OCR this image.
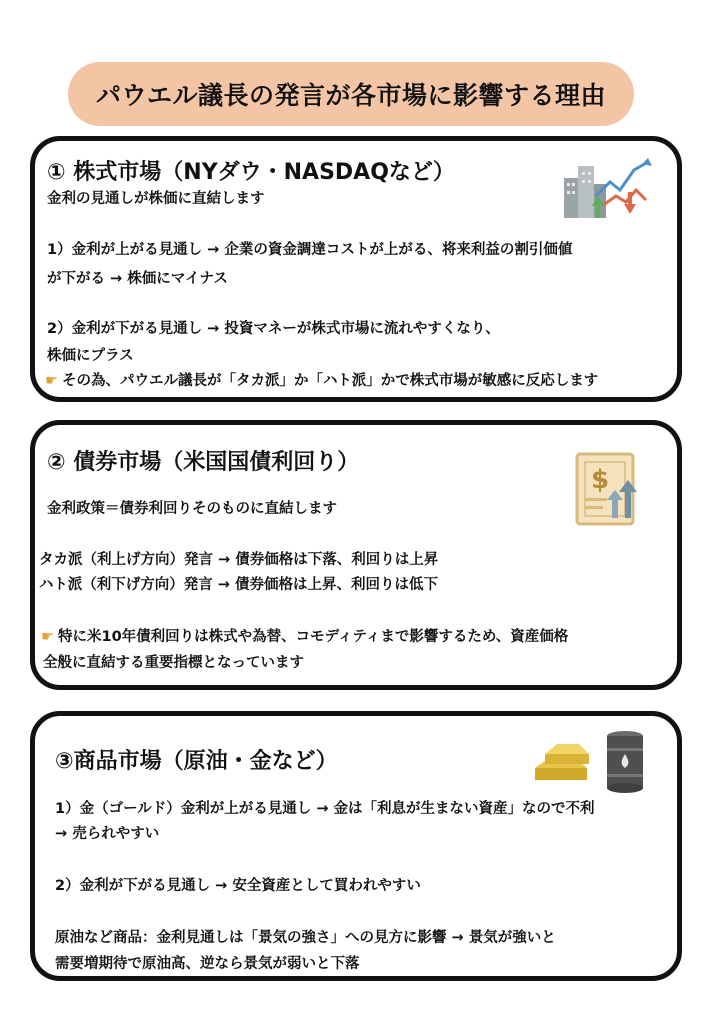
パウエル議長の発言が各市場に影響する理由
① 株式市場（NYダウ・NASDAQなど）
金利の見通しが株価に直結します
1）金利が上がる見通し → 企業の資金調達コストが上がる、将来利益の割引価値
が下がる → 株価にマイナス
2）金利が下がる見通し → 投資マネーが株式市場に流れやすくなり、
株価にプラス
☛ その為、パウエル議長が「タカ派」か「ハト派」かで株式市場が敏感に反応します
② 債券市場（米国国債利回り）
$
金利政策＝債券利回りそのものに直結します
タカ派（利上げ方向）発言 → 債券価格は下落、利回りは上昇
ハト派（利下げ方向）発言 → 債券価格は上昇、利回りは低下
☛ 特に米10年債利回りは株式や為替、コモディティまで影響するため、資産価格
全般に直結する重要指標となっています
③商品市場（原油・金など）
1）金（ゴールド）金利が上がる見通し → 金は「利息が生まない資産」なので不利
→ 売られやすい
2）金利が下がる見通し → 安全資産として買われやすい
原油など商品：金利見通しは「景気の強さ」への見方に影響 → 景気が強いと
需要増期待で原油高、逆なら景気が弱いと下落
